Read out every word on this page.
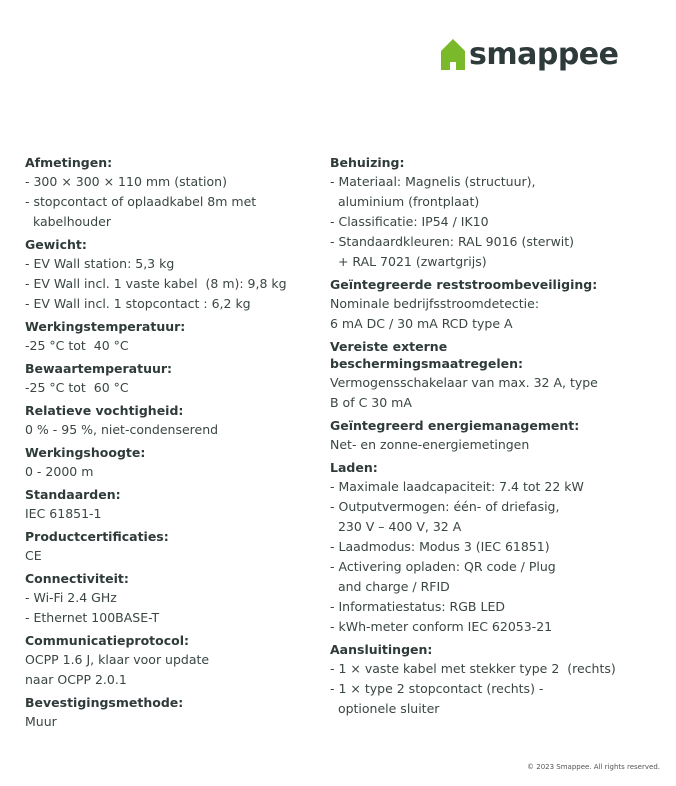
smappee
Afmetingen:
- 300 × 300 × 110 mm (station)
- stopcontact of oplaadkabel 8m met
kabelhouder
Gewicht:
- EV Wall station: 5,3 kg
- EV Wall incl. 1 vaste kabel  (8 m): 9,8 kg
- EV Wall incl. 1 stopcontact : 6,2 kg
Werkingstemperatuur:
-25 °C tot  40 °C
Bewaartemperatuur:
-25 °C tot  60 °C
Relatieve vochtigheid:
0 % - 95 %, niet-condenserend
Werkingshoogte:
0 - 2000 m
Standaarden:
IEC 61851-1
Productcertificaties:
CE
Connectiviteit:
- Wi-Fi 2.4 GHz
- Ethernet 100BASE-T
Communicatieprotocol:
OCPP 1.6 J, klaar voor update
naar OCPP 2.0.1
Bevestigingsmethode:
Muur
Behuizing:
- Materiaal: Magnelis (structuur),
aluminium (frontplaat)
- Classificatie: IP54 / IK10
- Standaardkleuren: RAL 9016 (sterwit)
+ RAL 7021 (zwartgrijs)
Geïntegreerde reststroombeveiliging:
Nominale bedrijfsstroomdetectie:
6 mA DC / 30 mA RCD type A
Vereiste externe
beschermingsmaatregelen:
Vermogensschakelaar van max. 32 A, type
B of C 30 mA
Geïntegreerd energiemanagement:
Net- en zonne-energiemetingen
Laden:
- Maximale laadcapaciteit: 7.4 tot 22 kW
- Outputvermogen: één- of driefasig,
230 V – 400 V, 32 A
- Laadmodus: Modus 3 (IEC 61851)
- Activering opladen: QR code / Plug
and charge / RFID
- Informatiestatus: RGB LED
- kWh-meter conform IEC 62053-21
Aansluitingen:
- 1 × vaste kabel met stekker type 2  (rechts)
- 1 × type 2 stopcontact (rechts) -
optionele sluiter
© 2023 Smappee. All rights reserved.
